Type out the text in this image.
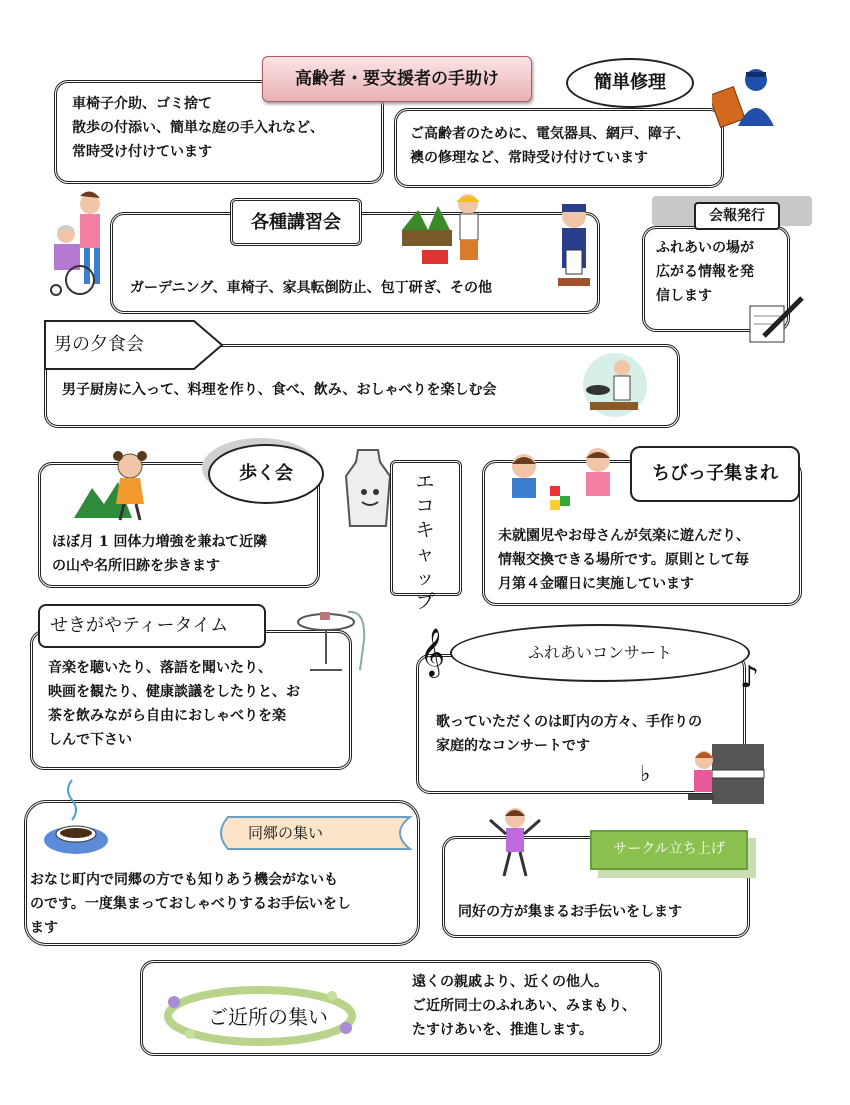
車椅子介助、ゴミ捨て
散歩の付添い、簡単な庭の手入れなど、
常時受け付けています
高齢者・要支援者の手助け
ご高齢者のために、電気器具、網戸、障子、
襖の修理など、常時受け付けています
簡単修理
ガーデニング、車椅子、家具転倒防止、包丁研ぎ、その他
各種講習会	会報発行
ふれあいの場が
広がる情報を発
信します
男の夕食会
男子厨房に入って、料理を作り、食べ、飲み、おしゃべりを楽しむ会
歩く会
ほぼ月 1 回体力増強を兼ねて近隣
の山や名所旧跡を歩きます
エコキャップ
ちびっ子集まれ
未就園児やお母さんが気楽に遊んだり、
情報交換できる場所です。原則として毎
月第４金曜日に実施しています
せきがやティータイム
音楽を聴いたり、落語を聞いたり、
映画を観たり、健康談議をしたりと、お
茶を飲みながら自由におしゃべりを楽
しんで下さい
ふれあいコンサート
𝄞
♪
♭
歌っていただくのは町内の方々、手作りの
家庭的なコンサートです
同郷の集い
おなじ町内で同郷の方でも知りあう機会がないも
のです。一度集まっておしゃべりするお手伝いをし
ます
サークル立ち上げ
同好の方が集まるお手伝いをします
ご近所の集い
遠くの親戚より、近くの他人。
ご近所同士のふれあい、みまもり、
たすけあいを、推進します。
